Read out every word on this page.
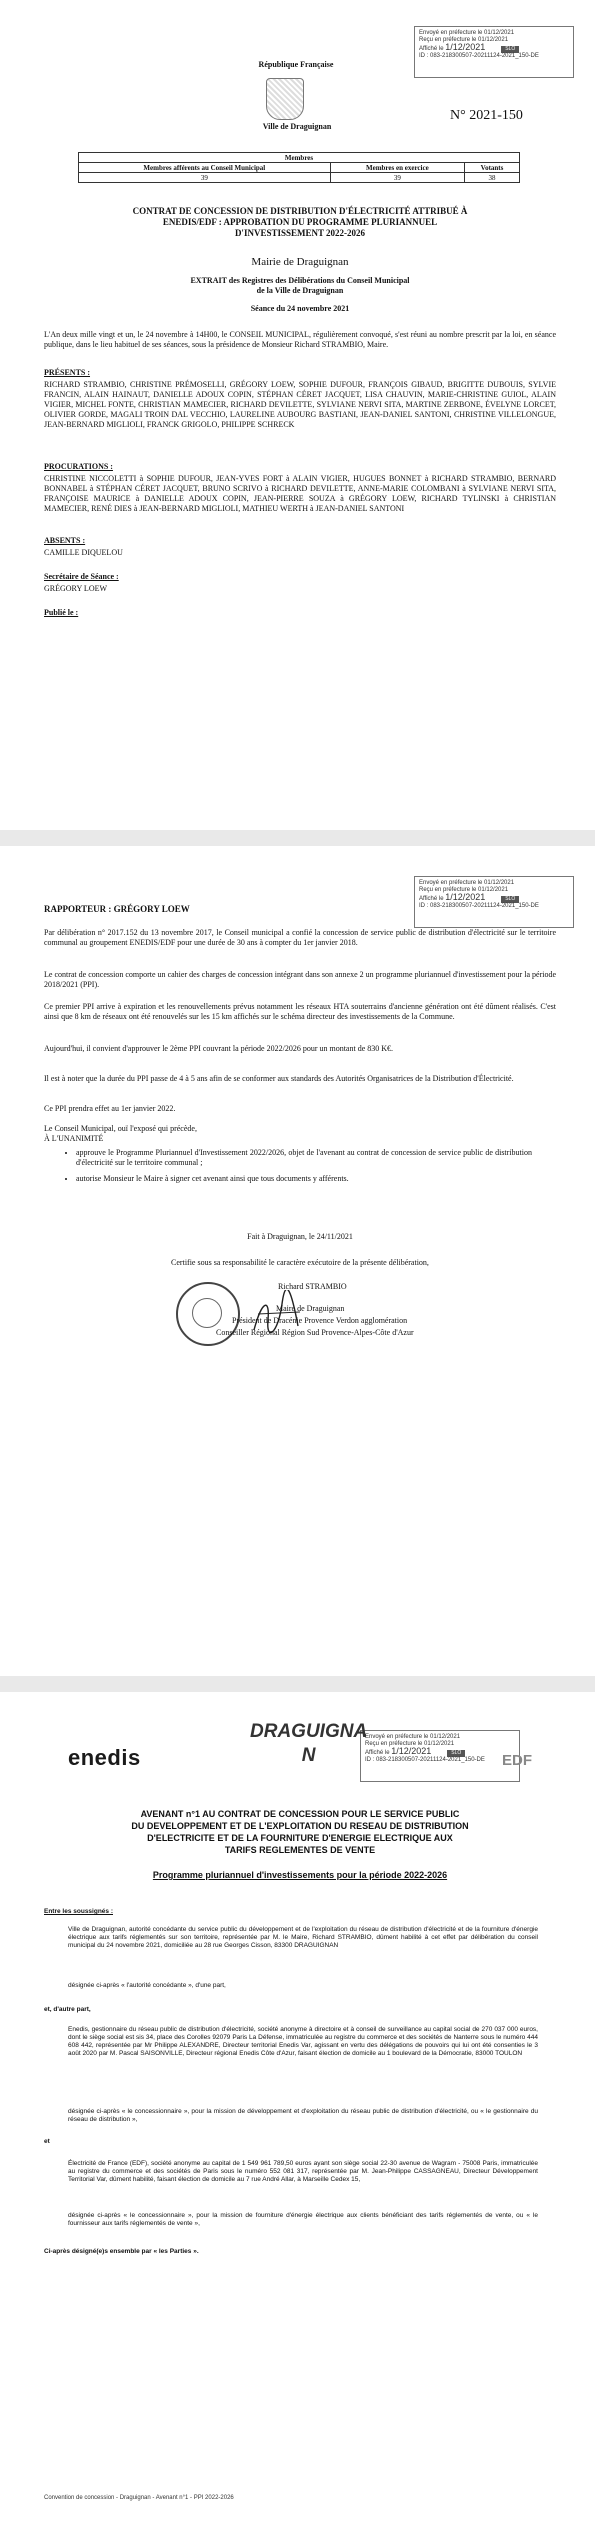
Envoyé en préfecture le 01/12/2021
Reçu en préfecture le 01/12/2021
Affiché le 1/12/2021	SLO
ID : 083-218300507-20211124-2021_150-DE
République Française
Ville de Draguignan
N° 2021-150
Membres		
Membres afférents au Conseil Municipal	Membres en exercice	Votants
39	39	38
CONTRAT DE CONCESSION DE DISTRIBUTION D'ÉLECTRICITÉ ATTRIBUÉ À
ENEDIS/EDF : APPROBATION DU PROGRAMME PLURIANNUEL
D'INVESTISSEMENT 2022-2026
Mairie de Draguignan
EXTRAIT des Registres des Délibérations du Conseil Municipal
de la Ville de Draguignan
Séance du 24 novembre 2021
L'An deux mille vingt et un, le 24 novembre à 14H00, le CONSEIL MUNICIPAL, régulièrement convoqué, s'est réuni au nombre prescrit par la loi, en séance publique, dans le lieu habituel de ses séances, sous la présidence de Monsieur Richard STRAMBIO, Maire.
PRÉSENTS :
RICHARD STRAMBIO, CHRISTINE PRÉMOSELLI, GRÉGORY LOEW, SOPHIE DUFOUR, FRANÇOIS GIBAUD, BRIGITTE DUBOUIS, SYLVIE FRANCIN, ALAIN HAINAUT, DANIELLE ADOUX COPIN, STÉPHAN CÉRET JACQUET, LISA CHAUVIN, MARIE-CHRISTINE GUIOL, ALAIN VIGIER, MICHEL FONTE, CHRISTIAN MAMECIER, RICHARD DEVILETTE, SYLVIANE NERVI SITA, MARTINE ZERBONE, ÉVELYNE LORCET, OLIVIER GORDE, MAGALI TROIN DAL VECCHIO, LAURELINE AUBOURG BASTIANI, JEAN-DANIEL SANTONI, CHRISTINE VILLELONGUE, JEAN-BERNARD MIGLIOLI, FRANCK GRIGOLO, PHILIPPE SCHRECK
PROCURATIONS :
CHRISTINE NICCOLETTI à SOPHIE DUFOUR, JEAN-YVES FORT à ALAIN VIGIER, HUGUES BONNET à RICHARD STRAMBIO, BERNARD BONNABEL à STÉPHAN CÉRET JACQUET, BRUNO SCRIVO à RICHARD DEVILETTE, ANNE-MARIE COLOMBANI à SYLVIANE NERVI SITA, FRANÇOISE MAURICE à DANIELLE ADOUX COPIN, JEAN-PIERRE SOUZA à GRÉGORY LOEW, RICHARD TYLINSKI à CHRISTIAN MAMECIER, RENÉ DIES à JEAN-BERNARD MIGLIOLI, MATHIEU WERTH à JEAN-DANIEL SANTONI
ABSENTS :
CAMILLE DIQUELOU
Secrétaire de Séance :
GRÉGORY LOEW
Publié le :
Envoyé en préfecture le 01/12/2021
Reçu en préfecture le 01/12/2021
Affiché le 1/12/2021	SLO
ID : 083-218300507-20211124-2021_150-DE
RAPPORTEUR : GRÉGORY LOEW
Par délibération n° 2017.152 du 13 novembre 2017, le Conseil municipal a confié la concession de service public de distribution d'électricité sur le territoire communal au groupement ENEDIS/EDF pour une durée de 30 ans à compter du 1er janvier 2018.
Le contrat de concession comporte un cahier des charges de concession intégrant dans son annexe 2 un programme pluriannuel d'investissement pour la période 2018/2021 (PPI).
Ce premier PPI arrive à expiration et les renouvellements prévus notamment les réseaux HTA souterrains d'ancienne génération ont été dûment réalisés. C'est ainsi que 8 km de réseaux ont été renouvelés sur les 15 km affichés sur le schéma directeur des investissements de la Commune.
Aujourd'hui, il convient d'approuver le 2ème PPI couvrant la période 2022/2026 pour un montant de 830 K€.
Il est à noter que la durée du PPI passe de 4 à 5 ans afin de se conformer aux standards des Autorités Organisatrices de la Distribution d'Électricité.
Ce PPI prendra effet au 1er janvier 2022.
Le Conseil Municipal, ouï l'exposé qui précède,
À L'UNANIMITÉ
• approuve le Programme Pluriannuel d'Investissement 2022/2026, objet de l'avenant au contrat de concession de service public de distribution d'électricité sur le territoire communal ;
• autorise Monsieur le Maire à signer cet avenant ainsi que tous documents y afférents.
Fait à Draguignan, le 24/11/2021
Certifie sous sa responsabilité le caractère exécutoire de la présente délibération,
Richard STRAMBIO
Maire de Draguignan
Président de Dracénie Provence Verdon agglomération
Conseiller Régional Région Sud Provence-Alpes-Côte d'Azur
Envoyé en préfecture le 01/12/2021
Reçu en préfecture le 01/12/2021
Affiché le 1/12/2021	SLO
ID : 083-218300507-20211124-2021_150-DE
enedis
DRAGUIGNA
N	EDF
AVENANT n°1 AU CONTRAT DE CONCESSION POUR LE SERVICE PUBLIC
DU DEVELOPPEMENT ET DE L'EXPLOITATION DU RESEAU DE DISTRIBUTION
D'ELECTRICITE ET DE LA FOURNITURE D'ENERGIE ELECTRIQUE AUX
TARIFS REGLEMENTES DE VENTE
Programme pluriannuel d'investissements pour la période 2022-2026
Entre les soussignés :
Ville de Draguignan, autorité concédante du service public du développement et de l'exploitation du réseau de distribution d'électricité et de la fourniture d'énergie électrique aux tarifs réglementés sur son territoire, représentée par M. le Maire, Richard STRAMBIO, dûment habilité à cet effet par délibération du conseil municipal du 24 novembre 2021, domiciliée au 28 rue Georges Cisson, 83300 DRAGUIGNAN
désignée ci-après « l'autorité concédante », d'une part,
et, d'autre part,
Enedis, gestionnaire du réseau public de distribution d'électricité, société anonyme à directoire et à conseil de surveillance au capital social de 270 037 000 euros, dont le siège social est sis 34, place des Corolles 92079 Paris La Défense, immatriculée au registre du commerce et des sociétés de Nanterre sous le numéro 444 608 442, représentée par Mr Philippe ALEXANDRE, Directeur territorial Enedis Var, agissant en vertu des délégations de pouvoirs qui lui ont été consenties le 3 août 2020 par M. Pascal SAISONVILLE, Directeur régional Enedis Côte d'Azur, faisant élection de domicile au 1 boulevard de la Démocratie, 83000 TOULON
désignée ci-après « le concessionnaire », pour la mission de développement et d'exploitation du réseau public de distribution d'électricité, ou « le gestionnaire du réseau de distribution »,
et
Électricité de France (EDF), société anonyme au capital de 1 549 961 789,50 euros ayant son siège social 22-30 avenue de Wagram - 75008 Paris, immatriculée au registre du commerce et des sociétés de Paris sous le numéro 552 081 317, représentée par M. Jean-Philippe CASSAGNEAU, Directeur Développement Territorial Var, dûment habilité, faisant élection de domicile au 7 rue André Allar, à Marseille Cedex 15,
désignée ci-après « le concessionnaire », pour la mission de fourniture d'énergie électrique aux clients bénéficiant des tarifs réglementés de vente, ou « le fournisseur aux tarifs réglementés de vente »,
Ci-après désigné(e)s ensemble par « les Parties ».
Convention de concession - Draguignan - Avenant n°1 - PPI 2022-2026
